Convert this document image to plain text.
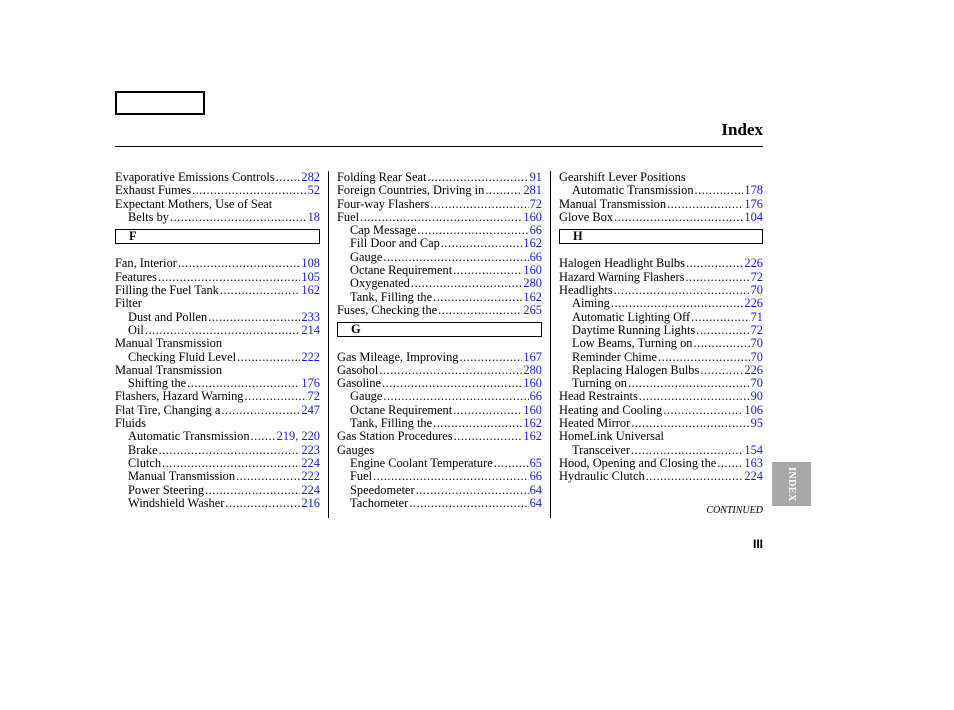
Index
Evaporative Emissions Controls ..... 282
Exhaust Fumes .....	52
Expectant Mothers, Use of Seat
Belts by .....	18
F
Fan, Interior .....	108
Features .....	105
Filling the Fuel Tank .....	162
Filter
Dust and Pollen .....	233
Oil .....	214
Manual Transmission
Checking Fluid Level .....	222
Manual Transmission
Shifting the .....	176
Flashers, Hazard Warning .....	72
Flat Tire, Changing a .....	247
Fluids
Automatic Transmission ..... 219, 220
Brake .....	223
Clutch .....	224
Manual Transmission .....	222
Power Steering .....	224
Windshield Washer .....	216
Folding Rear Seat .....	91
Foreign Countries, Driving in .....	281
Four-way Flashers .....	72
Fuel .....	160
Cap Message .....	66
Fill Door and Cap .....	162
Gauge .....	66
Octane Requirement .....	160
Oxygenated .....	280
Tank, Filling the .....	162
Fuses, Checking the .....	265
G
Gas Mileage, Improving .....	167
Gasohol .....	280
Gasoline .....	160
Gauge .....	66
Octane Requirement .....	160
Tank, Filling the .....	162
Gas Station Procedures .....	162
Gauges
Engine Coolant Temperature .....	65
Fuel .....	66
Speedometer .....	64
Tachometer .....	64
Gearshift Lever Positions
Automatic Transmission .....	178
Manual Transmission .....	176
Glove Box .....	104
H
Halogen Headlight Bulbs .....	226
Hazard Warning Flashers .....	72
Headlights .....	70
Aiming .....	226
Automatic Lighting Off .....	71
Daytime Running Lights .....	72
Low Beams, Turning on .....	70
Reminder Chime .....	70
Replacing Halogen Bulbs .....	226
Turning on .....	70
Head Restraints .....	90
Heating and Cooling .....	106
Heated Mirror .....	95
HomeLink Universal
Transceiver .....	154
Hood, Opening and Closing the ..... 163
Hydraulic Clutch .....	224

CONTINUED

III

INDEX
